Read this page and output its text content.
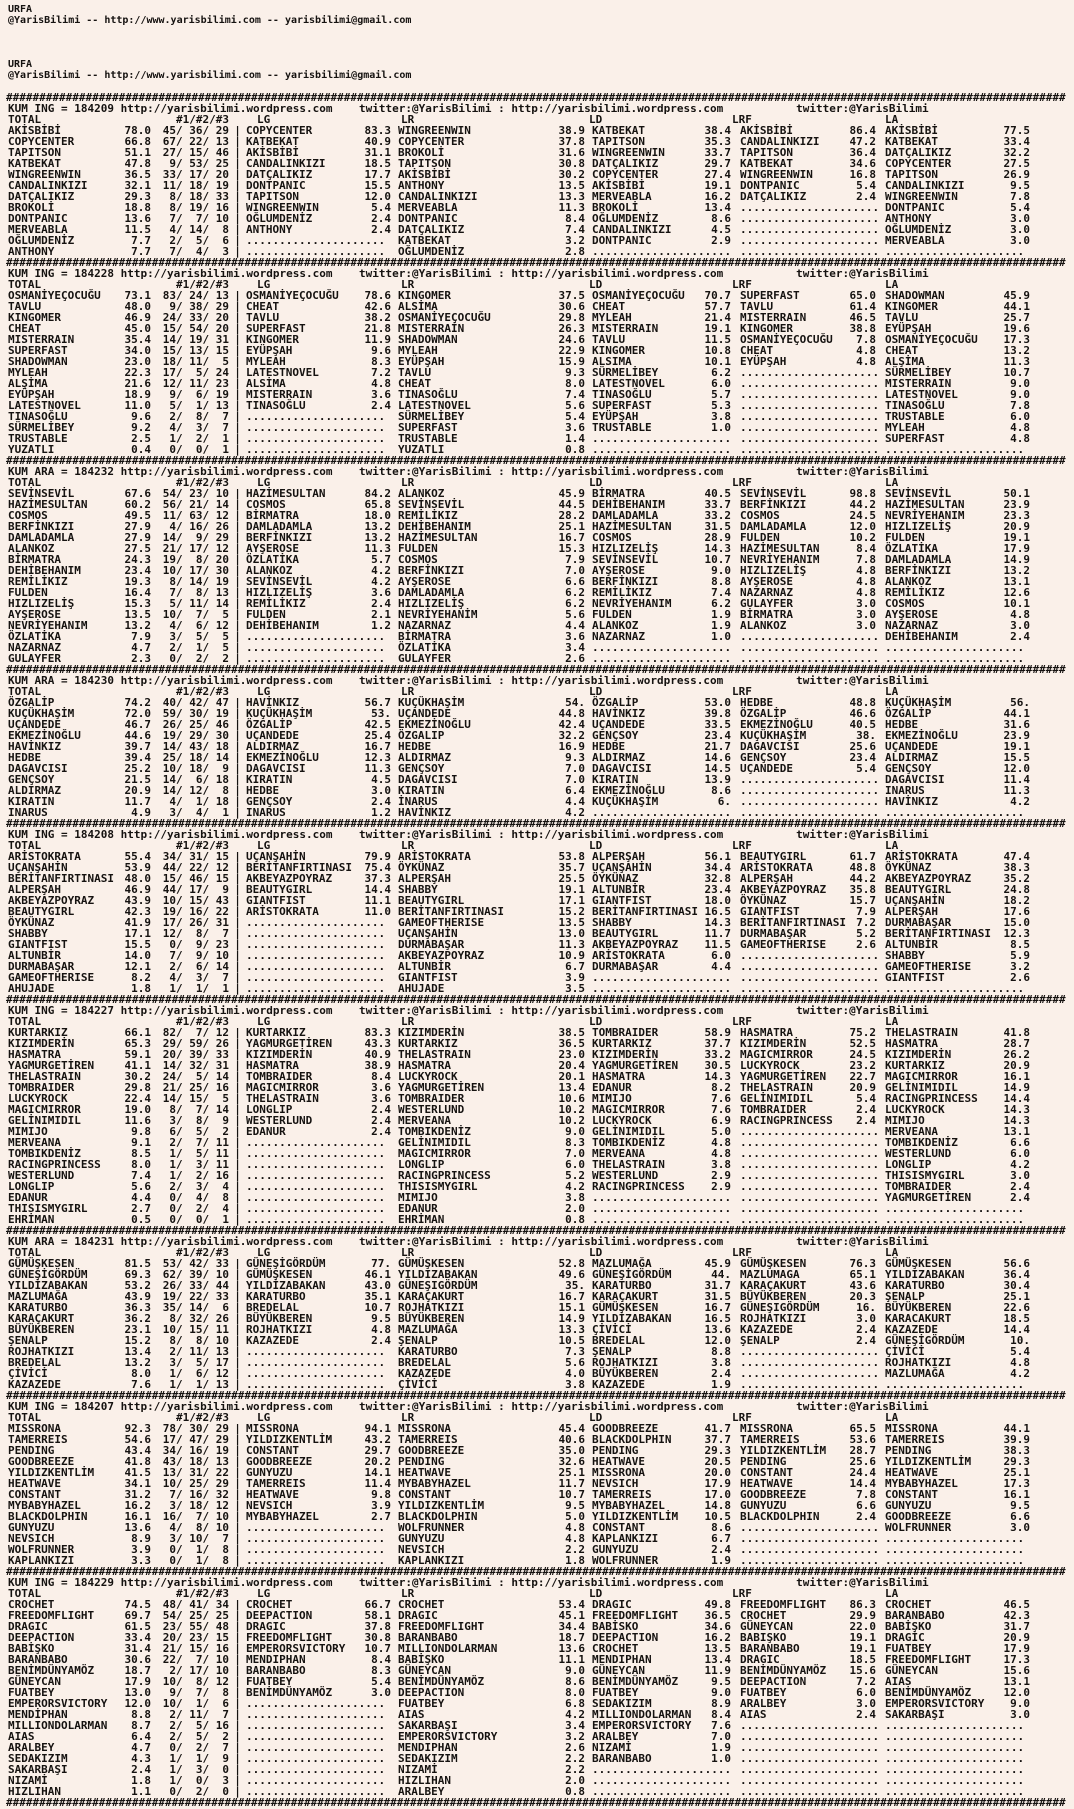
URFA
@YarisBilimi -- http://www.yarisbilimi.com -- yarisbilimi@gmail.com
URFA
@YarisBilimi -- http://www.yarisbilimi.com -- yarisbilimi@gmail.com
################################################################################################################################################################
KUM ING = 184209 http://yarisbilimi.wordpress.com twitter:@YarisBilimi : http://yarisbilimi.wordpress.com	twitter:@YarisBilimi
TOTAL	#1/#2/#3	LG	LR	LD	LRF	LA
AKİSBİBİ	78.0	45/ 36/ 29 | COPYCENTER	83.3 WINGREENWIN	38.9 KATBEKAT	38.4 AKİSBİBİ	86.4 AKİSBİBİ	77.5
COPYCENTER	66.8	67/ 22/ 13 | KATBEKAT	40.9 COPYCENTER	37.8 TAPITSON	35.3 CANDALINKIZI	47.2 KATBEKAT	33.4
TAPITSON	51.1	27/ 15/ 46 | AKİSBİBİ	31.1 BROKOLİ	31.6 WINGREENWIN	33.7 TAPITSON	36.4 DATÇALIKIZ	32.2
KATBEKAT	47.8	9/ 53/ 25 | CANDALINKIZI	18.5 TAPITSON	30.8 DATÇALIKIZ	29.7 KATBEKAT	34.6 COPYCENTER	27.5
WINGREENWIN	36.5	33/ 17/ 20 | DATÇALIKIZ	17.7 AKİSBİBİ	30.2 COPYCENTER	27.4 WINGREENWIN	16.8 TAPITSON	26.9
CANDALINKIZI	32.1	11/ 18/ 19 | DONTPANIC	15.5 ANTHONY	13.5 AKİSBİBİ	19.1 DONTPANIC	5.4 CANDALINKIZI	9.5
DATÇALIKIZ	29.3	8/ 18/ 33 | TAPITSON	12.0 CANDALINKIZI	13.3 MERVEABLA	16.2 DATÇALIKIZ	2.4 WINGREENWIN	7.8
BROKOLİ	18.8	8/ 19/ 16 | WINGREENWIN	5.4 MERVEABLA	11.3 BROKOLİ	13.4 ..................... DONTPANIC	5.4
DONTPANIC	13.6	7/  7/ 10 | OĞLUMDENİZ	2.4 DONTPANIC	8.4 OĞLUMDENİZ	8.6 ..................... ANTHONY	3.0
MERVEABLA	11.5	4/ 14/  8 | ANTHONY	2.4 DATÇALIKIZ	7.4 CANDALINKIZI	4.5 ..................... OĞLUMDENİZ	3.0
OĞLUMDENİZ	7.7	2/  5/  6 | .....................	KATBEKAT	3.2 DONTPANIC	2.9 ..................... MERVEABLA	3.0
ANTHONY	7.7	7/  4/  3 | .....................	OĞLUMDENİZ	2.8 ..................... ..................... .....................
################################################################################################################################################################
KUM ING = 184228 http://yarisbilimi.wordpress.com twitter:@YarisBilimi : http://yarisbilimi.wordpress.com	twitter:@YarisBilimi
TOTAL	#1/#2/#3	LG	LR	LD	LRF	LA
OSMANİYEÇOCUĞU	73.1	83/ 24/ 13 | OSMANİYEÇOCUĞU	78.6 KINGOMER	37.5 OSMANİYEÇOCUĞU	70.7 SUPERFAST	65.0 SHADOWMAN	45.9
TAVLU	48.0	9/ 38/ 29 | CHEAT	42.6 ALSİMA	30.6 CHEAT	57.7 TAVLU	61.4 KINGOMER	44.1
KINGOMER	46.9	24/ 33/ 20 | TAVLU	38.2 OSMANİYEÇOCUĞU	29.8 MYLEAH	21.4 MISTERRAIN	46.5 TAVLU	25.7
CHEAT	45.0	15/ 54/ 20 | SUPERFAST	21.8 MISTERRAİN	26.3 MISTERRAIN	19.1 KINGOMER	38.8 EYÜPŞAH	19.6
MISTERRAIN	35.4	14/ 19/ 31 | KINGOMER	11.9 SHADOWMAN	24.6 TAVLU	11.5 OSMANİYEÇOCUĞU	7.8 OSMANİYEÇOCUĞU	17.3
SUPERFAST	34.0	15/ 13/ 15 | EYÜPŞAH	9.6 MYLEAH	22.9 KINGOMER	10.8 CHEAT	4.8 CHEAT	13.2
SHADOWMAN	23.0	18/ 11/  5 | MYLEAH	8.3 EYÜPŞAH	15.9 ALSIMA	10.1 EYÜPŞAH	4.8 ALŞİMA	11.3
MYLEAH	22.3	17/  5/ 24 | LATESTNOVEL	7.2 TAVLU	9.3 SÜRMELİBEY	6.2 ..................... SÜRMELİBEY	10.7
ALŞİMA	21.6	12/ 11/ 23 | ALSİMA	4.8 CHEAT	8.0 LATESTNOVEL	6.0 ..................... MISTERRAIN	9.0
EYÜPŞAH	18.9	9/  6/ 19 | MISTERRAIN	3.6 TINASOĞLU	7.4 TINASOĞLU	5.7 ..................... LATESTNOVEL	9.0
LATESTNOVEL	11.0	5/  1/ 13 | TINASOĞLU	2.4 LATESTNOVEL	5.6 SUPERFAST	5.3 ..................... TINASOĞLU	7.8
TINASOĞLU	9.6	2/  8/  7 | .....................	SÜRMELİBEY	5.4 EYÜPŞAH	3.8 ..................... TRUSTABLE	6.0
SÜRMELİBEY	9.2	4/  3/  7 | .....................	SUPERFAST	3.6 TRUSTABLE	1.0 ..................... MYLEAH	4.8
TRUSTABLE	2.5	1/  2/  1 | .....................	TRUSTABLE	1.4 ..................... ..................... SUPERFAST	4.8
YUZATLI	0.4	0/  0/  1 | .....................	YUZATLI	0.8 ..................... ..................... .....................
################################################################################################################################################################
KUM ARA = 184232 http://yarisbilimi.wordpress.com twitter:@YarisBilimi : http://yarisbilimi.wordpress.com	twitter:@YarisBilimi
TOTAL	#1/#2/#3	LG	LR	LD	LRF	LA
SEVİNSEVİL	67.6	54/ 23/ 10 | HAZİMESULTAN	84.2 ALANKOZ	45.9 BİRMATRA	40.5 SEVİNSEVİL	98.8 SEVİNSEVİL	50.1
HAZİMESULTAN	60.2	56/ 21/ 14 | COSMOS	65.8 SEVİNSEVİL	44.5 DEHİBEHANIM	33.7 BERFİNKIZI	44.2 HAZİMESULTAN	23.9
COSMOS	49.5	11/ 63/ 12 | BİRMATRA	18.0 REMİLİKIZ	28.2 DAMLADAMLA	33.2 COSMOS	24.5 NEVRİYEHANIM	23.3
BERFİNKIZI	27.9	4/ 16/ 26 | DAMLADAMLA	13.2 DEHİBEHANIM	25.1 HAZİMESULTAN	31.5 DAMLADAMLA	12.0 HIZLIZELİŞ	20.9
DAMLADAMLA	27.9	14/  9/ 29 | BERFİNKIZI	13.2 HAZİMESULTAN	16.7 COSMOS	28.9 FULDEN	10.2 FULDEN	19.1
ALANKOZ	27.5	21/ 17/ 12 | AYŞEROSE	11.3 FULDEN	15.3 HIZLIZELİŞ	14.3 HAZİMESULTAN	8.4 ÖZLATİKA	17.9
BİRMATRA	24.3	19/  8/ 20 | ÖZLATİKA	5.7 COSMOS	7.9 SEVİNSEVİL	10.7 NEVRİYEHANIM	7.8 DAMLADAMLA	14.9
DEHİBEHANIM	23.4	10/ 17/ 30 | ALANKOZ	4.2 BERFİNKIZI	7.0 AYŞEROSE	9.0 HIZLIZELİŞ	4.8 BERFİNKIZI	13.2
REMİLİKIZ	19.3	8/ 14/ 19 | SEVİNSEVİL	4.2 AYŞEROSE	6.6 BERFİNKIZI	8.8 AYŞEROSE	4.8 ALANKOZ	13.1
FULDEN	16.4	7/  8/ 13 | HIZLIZELİŞ	3.6 DAMLADAMLA	6.2 REMİLİKIZ	7.4 NAZARNAZ	4.8 REMİLİKIZ	12.6
HIZLIZELİŞ	15.3	5/ 11/ 14 | REMİLİKIZ	2.4 HIZLIZELİŞ	6.2 NEVRİYEHANIM	6.2 GULAYFER	3.0 COSMOS	10.1
AYŞEROSE	13.5	10/  7/  5 | FULDEN	2.1 NEVRİYEHANİM	5.6 FULDEN	1.9 BİRMATRA	3.0 AYŞEROSE	4.8
NEVRİYEHANIM	13.2	4/  6/ 12 | DEHİBEHANIM	1.2 NAZARNAZ	4.4 ALANKOZ	1.9 ALANKOZ	3.0 NAZARNAZ	3.0
ÖZLATİKA	7.9	3/  5/  5 | .....................	BİRMATRA	3.6 NAZARNAZ	1.0 ..................... DEHİBEHANIM	2.4
NAZARNAZ	4.7	2/  1/  5 | .....................	ÖZLATİKA	3.4 ..................... ..................... .....................
GULAYFER	2.3	0/  2/  2 | .....................	GULAYFER	2.6 ..................... ..................... .....................
################################################################################################################################################################
KUM ARA = 184230 http://yarisbilimi.wordpress.com twitter:@YarisBilimi : http://yarisbilimi.wordpress.com	twitter:@YarisBilimi
TOTAL	#1/#2/#3	LG	LR	LD	LRF	LA
ÖZGALİP	74.2	40/ 42/ 47 | HAVİNKIZ	56.7 KUÇÜKHAŞİM	54. ÖZGALİP	53.0 HEDBE	48.8 KUÇÜKHAŞİM	56.
KUÇÜKHAŞİM	72.0	59/ 30/ 19 | KUÇÜKHAŞİM	53. UÇANDEDE	44.8 HAVİNKIZ	39.8 ÖZGALİP	46.6 ÖZGALİP	44.1
UÇANDEDE	46.7	26/ 25/ 46 | ÖZGALİP	42.5 EKMEZİNOĞLU	42.4 UÇANDEDE	33.5 EKMEZİNOĞLU	40.5 HEDBE	31.6
EKMEZİNOĞLU	44.6	19/ 29/ 30 | UÇANDEDE	25.4 ÖZGALIP	32.2 GENÇSOY	23.4 KUÇÜKHAŞİM	38. EKMEZİNOĞLU	23.9
HAVİNKIZ	39.7	14/ 43/ 18 | ALDIRMAZ	16.7 HEDBE	16.9 HEDBE	21.7 DAGAVCISI	25.6 UÇANDEDE	19.1
HEDBE	39.4	25/ 18/ 14 | EKMEZİNOĞLU	12.3 ALDIRMAZ	9.3 ALDIRMAZ	14.6 GENÇSOY	23.4 ALDIRMAZ	15.5
DAGAVCISI	25.2	10/ 18/  9 | DAGAVCISI	11.3 GENÇSOY	7.0 DAGAVCISI	14.5 UÇANDEDE	5.4 GENÇSOY	12.0
GENÇSOY	21.5	14/  6/ 18 | KIRATIN	4.5 DAGAVCISI	7.0 KIRATIN	13.9 ..................... DAGAVCISI	11.4
ALDIRMAZ	20.9	14/ 12/  8 | HEDBE	3.0 KIRATIN	6.4 EKMEZİNOĞLU	8.6 ..................... INARUS	11.3
KIRATIN	11.7	4/  1/ 18 | GENÇSOY	2.4 İNARUS	4.4 KUÇÜKHAŞİM	6. ..................... HAVİNKIZ	4.2
INARUS	4.9	3/  4/  1 | INARUS	1.2 HAVİNKIZ	4.2 ..................... ..................... .....................
################################################################################################################################################################
KUM ING = 184208 http://yarisbilimi.wordpress.com twitter:@YarisBilimi : http://yarisbilimi.wordpress.com	twitter:@YarisBilimi
TOTAL	#1/#2/#3	LG	LR	LD	LRF	LA
ARİSTOKRATA	55.4	34/ 31/ 15 | UÇANŞAHİN	79.9 ARİSTOKRATA	53.8 ALPERŞAH	56.1 BEAUTYGIRL	61.7 ARİSTOKRATA	47.4
UÇANŞAHİN	53.9	44/ 22/ 12 | BERİTANFIRTINASI	75.4 ÖYKÜNAZ	35.7 UÇANŞAHİN	34.4 ARİSTOKRATA	48.8 ÖYKÜNAZ	38.3
BERİTANFIRTINASI 48.0	15/ 46/ 15 | AKBEYAZPOYRAZ	37.3 ALPERŞAH	25.5 ÖYKÜNAZ	32.8 ALPERŞAH	44.2 AKBEYAZPOYRAZ	35.2
ALPERŞAH	46.9	44/ 17/  9 | BEAUTYGIRL	14.4 SHABBY	19.1 ALTUNBİR	23.4 AKBEYAZPOYRAZ	35.8 BEAUTYGIRL	24.8
AKBEYAZPOYRAZ	43.9	10/ 15/ 43 | GIANTFIST	11.1 BEAUTYGIRL	17.1 GIANTFIST	18.0 ÖYKÜNAZ	15.7 UÇANŞAHİN	18.2
BEAUTYGIRL	42.3	19/ 16/ 22 | ARİSTOKRATA	11.0 BERİTANFIRTINASI	15.2 BERİTANFIRTINASI 16.5 GIANTFIST	7.9 ALPERŞAH	17.6
ÖYKÜNAZ	41.9	17/ 26/ 31 | .....................	GAMEOFTHERISE	13.5 SHABBY	14.3 BERİTANFIRTINASI 7.2 DURMABAŞAR	15.0
SHABBY	17.1	12/  8/  7 | .....................	UÇANŞAHİN	13.0 BEAUTYGIRL	11.7 DURMABAŞAR	5.2 BERİTANFIRTINASI	12.3
GIANTFIST	15.5	0/  9/ 23 | .....................	DURMABAŞAR	11.3 AKBEYAZPOYRAZ	11.5 GAMEOFTHERISE	2.6 ALTUNBİR	8.5
ALTUNBİR	14.0	7/  9/ 10 | .....................	AKBEYAZPOYRAZ	10.9 ARİSTOKRATA	6.0 ..................... SHABBY	5.9
DURMABAŞAR	12.1	2/  6/ 14 | .....................	ALTUNBİR	6.7 DURMABAŞAR	4.4 ..................... GAMEOFTHERISE	3.2
GAMEOFTHERISE	8.2	4/  3/  7 | .....................	GIANTFIST	3.9 ..................... ..................... GIANTFIST	2.6
AHUJADE	1.8	1/  1/  1 | .....................	AHUJADE	3.5 ..................... ..................... .....................
################################################################################################################################################################
KUM ING = 184227 http://yarisbilimi.wordpress.com twitter:@YarisBilimi : http://yarisbilimi.wordpress.com	twitter:@YarisBilimi
TOTAL	#1/#2/#3	LG	LR	LD	LRF	LA
KURTARKIZ	66.1	82/  7/ 12 | KURTARKIZ	83.3 KIZIMDERİN	38.5 TOMBRAIDER	58.9 HASMATRA	75.2 THELASTRAIN	41.8
KIZIMDERİN	65.3	29/ 59/ 26 | YAGMURGETİREN	43.3 KURTARKIZ	36.5 KURTARKIZ	37.7 KIZIMDERİN	52.5 HASMATRA	28.7
HASMATRA	59.1	20/ 39/ 33 | KIZIMDERİN	40.9 THELASTRAIN	23.0 KIZIMDERİN	33.2 MAGICMIRROR	24.5 KIZIMDERİN	26.2
YAGMURGETİREN	41.1	14/ 32/ 31 | HASMATRA	38.9 HASMATRA	20.4 YAGMURGETİREN	30.5 LUCKYROCK	23.2 KURTARKIZ	20.9
THELASTRAIN	30.2	24/  5/ 14 | TOMBRAIDER	8.4 LUCKYROCK	20.1 HASMATRA	14.3 YAGMURGETİREN	22.7 MAGICMIRROR	16.1
TOMBRAIDER	29.8	21/ 25/ 16 | MAGICMIRROR	3.6 YAGMURGETİREN	13.4 EDANUR	8.2 THELASTRAIN	20.9 GELİNIMIDIL	14.9
LUCKYROCK	22.4	14/ 15/  5 | THELASTRAIN	3.6 TOMBRAIDER	10.6 MIMIJO	7.6 GELİNIMIDIL	5.4 RACINGPRINCESS	14.4
MAGICMIRROR	19.0	8/  7/ 14 | LONGLIP	2.4 WESTERLUND	10.2 MAGICMIRROR	7.6 TOMBRAIDER	2.4 LUCKYROCK	14.3
GELİNIMIDIL	11.6	3/  8/  9 | WESTERLUND	2.4 MERVEANA	10.2 LUCKYROCK	6.9 RACINGPRINCESS	2.4 MIMIJO	14.3
MIMIJO	9.8	6/  5/  2 | EDANUR	2.4 TOMBIKDENİZ	9.0 GELİNIMIDIL	5.0 ..................... MERVEANA	13.1
MERVEANA	9.1	2/  7/ 11 | .....................	GELİNIMIDIL	8.3 TOMBIKDENİZ	4.8 ..................... TOMBIKDENİZ	6.6
TOMBIKDENİZ	8.5	1/  5/ 11 | .....................	MAGICMIRROR	7.0 MERVEANA	4.8 ..................... WESTERLUND	6.0
RACINGPRINCESS	8.0	1/  3/ 11 | .....................	LONGLIP	6.0 THELASTRAIN	3.8 ..................... LONGLIP	4.2
WESTERLUND	7.4	1/  2/ 16 | .....................	RACINGPRINCESS	5.2 WESTERLUND	2.9 ..................... THISISMYGIRL	3.0
LONGLIP	5.6	2/  3/  4 | .....................	THISISMYGIRL	4.2 RACINGPRINCESS	2.9 ..................... TOMBRAIDER	2.4
EDANUR	4.4	0/  4/  8 | .....................	MIMIJO	3.8 ..................... ..................... YAGMURGETİREN	2.4
THISISMYGIRL	2.7	0/  2/  4 | .....................	EDANUR	2.0 ..................... ..................... .....................
EHRİMAN	0.5	0/  0/  1 | .....................	EHRİMAN	0.8 ..................... ..................... .....................
################################################################################################################################################################
KUM ARA = 184231 http://yarisbilimi.wordpress.com twitter:@YarisBilimi : http://yarisbilimi.wordpress.com	twitter:@YarisBilimi
TOTAL	#1/#2/#3	LG	LR	LD	LRF	LA
GÜMÜŞKESEN	81.5	53/ 42/ 33 | GÜNEŞİGÖRDÜM	77. GÜMÜŞKESEN	52.8 MAZLUMAĞA	45.9 GÜMÜŞKESEN	76.3 GÜMÜŞKESEN	56.6
GÜNEŞİGÖRDÜM	69.3	62/ 39/ 10 | GÜMÜŞKESEN	46.1 YILDIZABAKAN	49.6 GÜNEŞİGÖRDÜM	44. MAZLUMAGA	65.1 YILDIZABAKAN	36.4
YILDİZABAKAN	53.2	26/ 33/ 44 | YILDİZABAKAN	43.0 GÜNEŞIGÖRDÜM	35. KARATURBO	31.7 KARAÇAKURT	43.6 KARATURBO	30.4
MAZLUMAĞA	43.9	19/ 22/ 33 | KARATURBO	35.1 KARAÇAKURT	16.7 KARAÇAKURT	31.5 BÜYÜKBEREN	20.3 ŞENALP	25.1
KARATURBO	36.3	35/ 14/  6 | BREDELAL	10.7 ROJHATKIZI	15.1 GÜMÜŞKESEN	16.7 GÜNEŞIGÖRDÜM	16. BÜYÜKBEREN	22.6
KARAÇAKURT	36.2	8/ 32/ 26 | BÜYÜKBEREN	9.5 BÜYÜKBEREN	14.9 YILDİZABAKAN	16.5 ROJHATKIZI	3.0 KARACAKURT	18.5
BÜYÜKBEREN	23.1	10/ 15/ 11 | ROJHATKIZI	4.8 MAZLUMAĞA	13.3 ÇİVİCİ	13.6 KAZAZEDE	2.4 KAZAZEDE	14.4
ŞENALP	15.2	8/  8/ 10 | KAZAZEDE	2.4 ŞENALP	10.5 BREDELAL	12.0 ŞENALP	2.4 GÜNEŞİGÖRDÜM	10.
ROJHATKIZI	13.4	2/ 11/ 13 | .....................	KARATURBO	7.3 ŞENALP	8.8 ..................... ÇİVİCİ	5.4
BREDELAL	13.2	3/  5/ 17 | .....................	BREDELAL	5.6 ROJHATKIZI	3.8 ..................... ROJHATKIZI	4.8
ÇİVİCİ	8.0	1/  6/ 12 | .....................	KAZAZEDE	4.0 BÜYÜKBEREN	2.4 ..................... MAZLUMAĞA	4.2
KAZAZEDE	7.6	1/  1/ 13 | .....................	ÇİVİCİ	3.8 KAZAZEDE	1.9 ..................... .....................
################################################################################################################################################################
KUM ING = 184207 http://yarisbilimi.wordpress.com twitter:@YarisBilimi : http://yarisbilimi.wordpress.com	twitter:@YarisBilimi
TOTAL	#1/#2/#3	LG	LR	LD	LRF	LA
MISSRONA	92.3	78/ 30/ 29 | MISSRONA	94.1 MISSRONA	45.4 GOODBREEZE	41.7 MISSRONA	65.5 MISSRONA	44.1
TAMERREIS	54.6	17/ 47/ 29 | YILDIZKENTLİM	43.2 TAMERREIS	40.6 BLACKDOLPHIN	37.7 TAMERREIS	53.6 TAMERREIS	39.9
PENDING	43.4	34/ 16/ 19 | CONSTANT	29.7 GOODBREEZE	35.0 PENDING	29.3 YILDIZKENTLİM	28.7 PENDING	38.3
GOODBREEZE	41.8	43/ 18/ 13 | GOODBREEZE	20.2 PENDING	32.6 HEATWAVE	20.5 PENDING	25.6 YILDIZKENTLİM	29.3
YILDIZKENTLİM	41.5	13/ 31/ 22 | GUNYUZU	14.1 HEATWAVE	25.1 MISSRONA	20.0 CONSTANT	24.4 HEATWAVE	25.1
HEATWAVE	34.1	10/ 25/ 29 | TAMERREIS	11.4 MYBABYHAZEL	11.7 NEVSICH	17.9 HEATWAVE	14.4 MYBABYHAZEL	17.3
CONSTANT	31.2	7/ 16/ 32 | HEATWAVE	9.8 CONSTANT	10.7 TAMERREIS	17.0 GOODBREEZE	7.8 CONSTANT	16.1
MYBABYHAZEL	16.2	3/ 18/ 12 | NEVSICH	3.9 YILDIZKENTLİM	9.5 MYBABYHAZEL	14.8 GUNYUZU	6.6 GUNYUZU	9.5
BLACKDOLPHIN	16.1	16/  7/ 10 | MYBABYHAZEL	2.7 BLACKDOLPHIN	5.0 YILDIZKENTLİM	10.5 BLACKDOLPHIN	2.4 GOODBREEZE	6.6
GUNYUZU	13.6	4/  8/ 10 | .....................	WOLFRUNNER	4.8 CONSTANT	8.6 ..................... WOLFRUNNER	3.0
NEVSICH	8.9	3/ 10/  7 | .....................	GUNYUZU	4.8 KAPLANKIZI	6.7 ..................... .....................
WOLFRUNNER	3.9	0/  1/  8 | .....................	NEVSICH	2.2 GUNYUZU	2.4 ..................... .....................
KAPLANKIZI	3.3	0/  1/  8 | .....................	KAPLANKIZI	1.8 WOLFRUNNER	1.9 ..................... .....................
################################################################################################################################################################
KUM ING = 184229 http://yarisbilimi.wordpress.com twitter:@YarisBilimi : http://yarisbilimi.wordpress.com	twitter:@YarisBilimi
TOTAL	#1/#2/#3	LG	LR	LD	LRF	LA
CROCHET	74.5	48/ 41/ 34 | CROCHET	66.7 CROCHET	53.4 DRAGIC	49.8 FREEDOMFLIGHT	86.3 CROCHET	46.5
FREEDOMFLIGHT	69.7	54/ 25/ 25 | DEEPACTION	58.1 DRAGIC	45.1 FREEDOMFLIGHT	36.5 CROCHET	29.9 BARANBABO	42.3
DRAGIC	61.5	23/ 55/ 48 | DRAGIC	37.8 FREEDOMFLIGHT	34.4 BABİSKO	34.6 GÜNEYCAN	22.0 BABİŞKO	31.7
DEEPACTION	33.4	20/ 23/ 15 | FREEDOMFLIGHT	30.8 BARANBABO	18.7 DEEPACTION	16.2 BABIŞKO	19.1 DRAGİC	20.9
BABİŞKO	31.4	21/ 15/ 16 | EMPERORSVICTORY	10.7 MILLIONDOLARMAN	13.6 CROCHET	13.5 BARANBABO	19.1 FUATBEY	17.9
BARANBABO	30.6	22/  7/ 10 | MENDIPHAN	8.4 BABİŞKO	11.1 MENDIPHAN	13.4 DRAGIC	18.5 FREEDOMFLIGHT	17.3
BENİMDÜNYAMÖZ	18.7	2/ 17/ 10 | BARANBABO	8.3 GÜNEYCAN	9.0 GÜNEYCAN	11.9 BENİMDÜNYAMÖZ	15.6 GÜNEYCAN	15.6
GÜNEYCAN	17.9	10/  8/ 12 | FUATBEY	5.4 BENİMDÜNYAMÖZ	8.6 BENİMDÜNYAMÖZ	9.5 DEEPACTION	7.2 AIAS	13.1
FUATBEY	13.0	9/  7/  8 | BENİMDÜNYAMÖZ	3.0 DEEPACTION	8.0 FUATBEY	9.0 FUATBEY	6.0 BENİMDÜNYAMÖZ	12.0
EMPERORSVICTORY	12.0	10/  1/  6 | .....................	FUATBEY	6.8 SEDAKIZIM	8.9 ARALBEY	3.0 EMPERORSVICTORY	9.0
MENDİPHAN	8.8	2/ 11/  7 | .....................	AIAS	4.2 MILLIONDOLARMAN	8.4 AIAS	2.4 SAKARBAŞI	3.0
MILLIONDOLARMAN	8.7	2/  5/ 16 | .....................	SAKARBAŞI	3.4 EMPERORSVICTORY	7.6 ..................... .....................
AIAS	6.4	2/  5/  2 | .....................	EMPERORSVICTORY	3.2 ARALBEY	7.0 ..................... .....................
ARALBEY	4.7	0/  2/  7 | .....................	MENDIPHAN	2.6 NIZAMİ	1.9 ..................... .....................
SEDAKIZIM	4.3	1/  1/  9 | .....................	SEDAKIZIM	2.2 BARANBABO	1.0 ..................... .....................
SAKARBAŞI	2.4	1/  3/  0 | .....................	NIZAMİ	2.2 ..................... ..................... .....................
NIZAMİ	1.8	1/  0/  3 | .....................	HIZLIHAN	2.0 ..................... ..................... .....................
HIZLIHAN	1.1	0/  2/  0 | .....................	ARALBEY	0.8 ..................... ..................... .....................
################################################################################################################################################################
